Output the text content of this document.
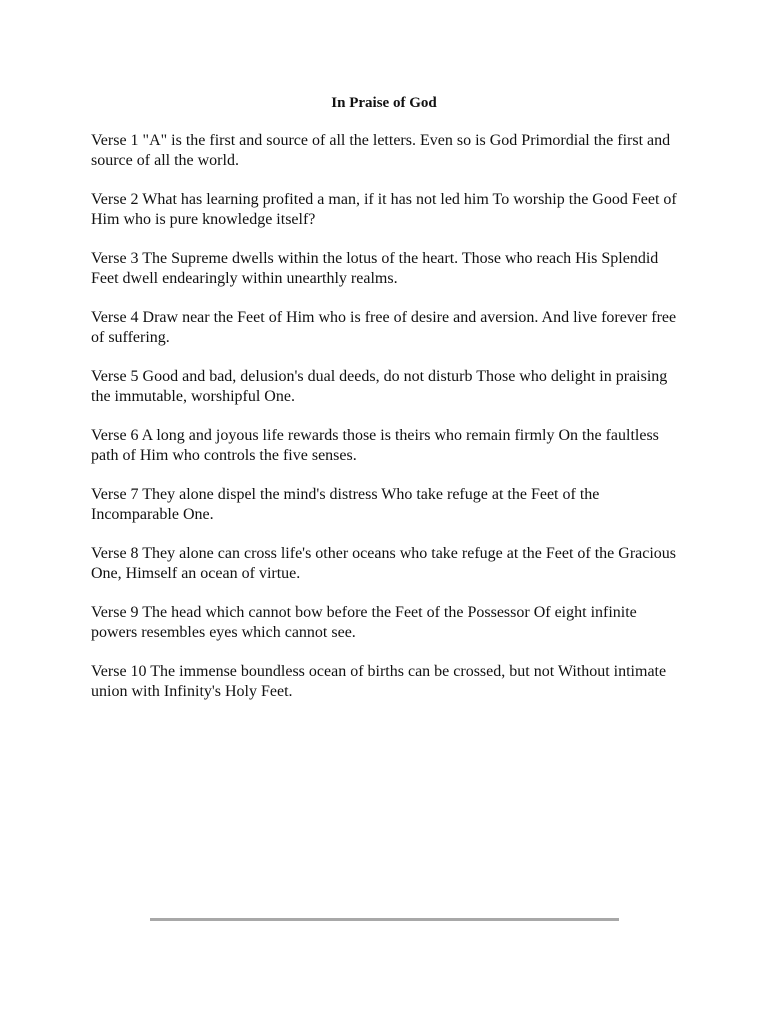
In Praise of God

Verse 1 "A" is the first and source of all the letters. Even so is God Primordial the first and source of all the world.

Verse 2 What has learning profited a man, if it has not led him To worship the Good Feet of Him who is pure knowledge itself?

Verse 3 The Supreme dwells within the lotus of the heart. Those who reach His Splendid Feet dwell endearingly within unearthly realms.

Verse 4 Draw near the Feet of Him who is free of desire and aversion. And live forever free of suffering.

Verse 5 Good and bad, delusion's dual deeds, do not disturb Those who delight in praising the immutable, worshipful One.

Verse 6 A long and joyous life rewards those is theirs who remain firmly On the faultless path of Him who controls the five senses.

Verse 7 They alone dispel the mind's distress Who take refuge at the Feet of the Incomparable One.

Verse 8 They alone can cross life's other oceans who take refuge at the Feet of the Gracious One, Himself an ocean of virtue.

Verse 9 The head which cannot bow before the Feet of the Possessor Of eight infinite powers resembles eyes which cannot see.

Verse 10 The immense boundless ocean of births can be crossed, but not Without intimate union with Infinity's Holy Feet.
